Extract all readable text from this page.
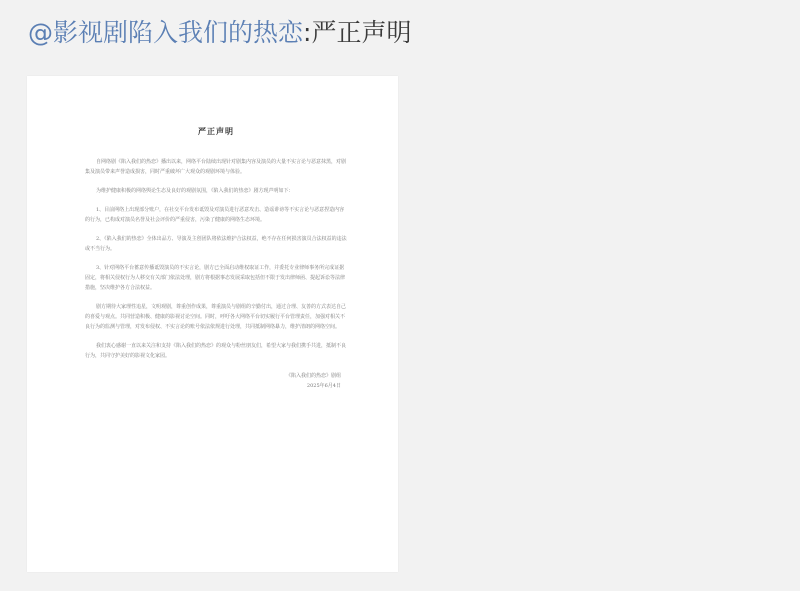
@影视剧陷入我们的热恋:严正声明
严正声明

自网络剧《陷入我们的热恋》播出以来，网络平台陆续出现针对剧集内容及演员的大量不实言论与恶意抹黑，对剧集及演员带来声誉造成损害，同时严重破坏广大观众的观剧环境与体验。

为维护健康积极的网络舆论生态及良好的观剧氛围，《陷入我们的热恋》剧方现声明如下：

1、目前网络上出现部分账户，在社交平台发布诋毁及对演员进行恶意攻击、造谣诽谤等不实言论与恶意捏造内容的行为，已构成对演员名誉及社会评价的严重侵害，污染了健康的网络生态环境。

2、《陷入我们的热恋》全体出品方、导演及主创团队将依法维护合法权益，绝不存在任何损害演员合法权益的违法或不当行为。

3、针对网络平台蓄意传播诋毁演员的不实言论，剧方已全面启动维权取证工作，并委托专业律师事务所完成证据固定，将相关侵权行为人移交有关部门依法处理，剧方将根据事态发展采取包括但不限于发出律师函、提起诉讼等法律措施，坚决维护各方合法权益。

剧方期待大家理性追星，文明观剧，尊重创作成果，尊重演员与剧组的辛勤付出，通过合理、友善的方式表达自己的喜爱与观点。共同营造积极、健康的影视讨论空间。同时，呼吁各大网络平台切实履行平台管理责任，加强对相关不良行为的监测与管理，对发布侵权、不实言论的账号依法依规进行处理，共同抵制网络暴力，维护清朗的网络空间。

我们衷心感谢一直以来关注和支持《陷入我们的热恋》的观众与粉丝朋友们，希望大家与我们携手共进，抵制不良行为，共同守护美好的影视文化家园。

《陷入我们的热恋》剧组
2025年6月4日
